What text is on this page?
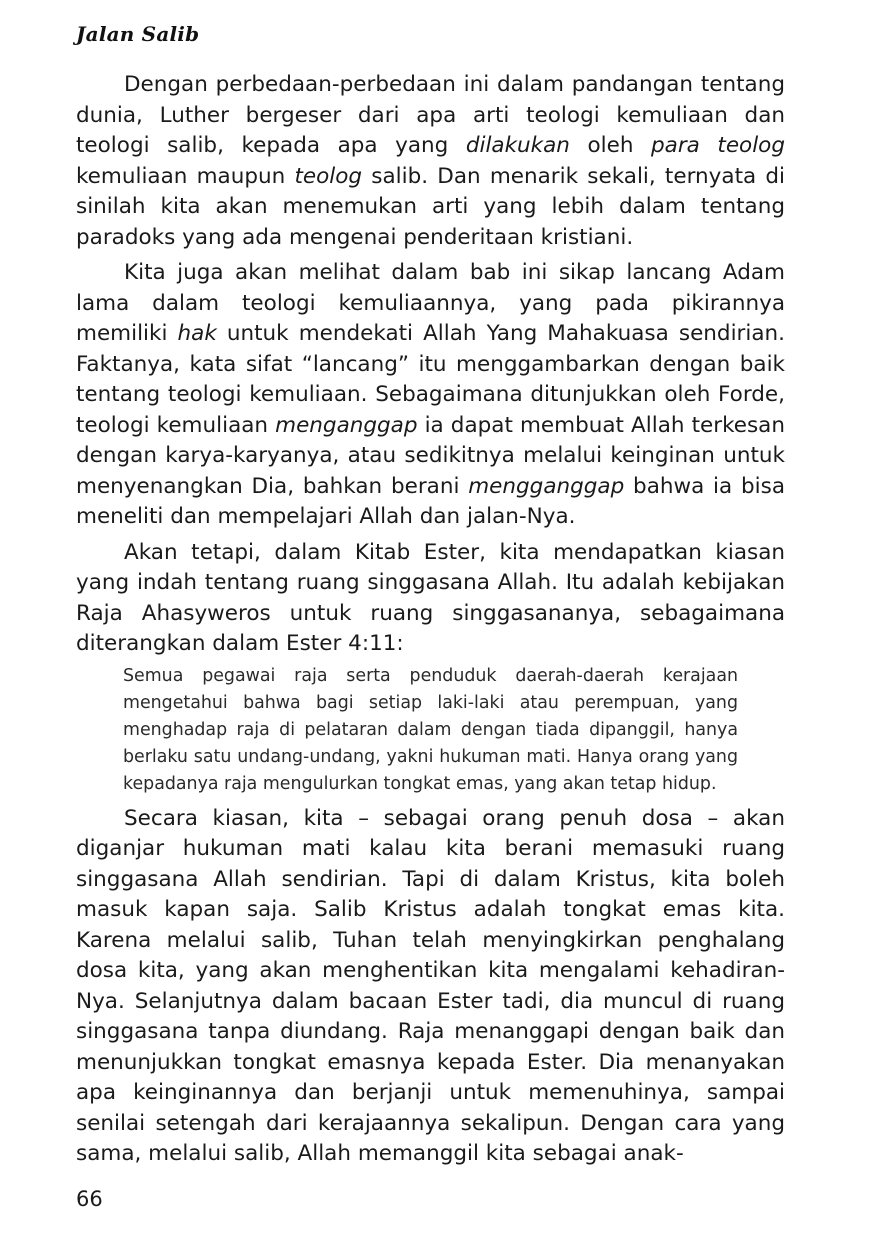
Jalan Salib

Dengan perbedaan-perbedaan ini dalam pandangan tentang dunia, Luther bergeser dari apa arti teologi kemuliaan dan teologi salib, kepada apa yang dilakukan oleh para teolog kemuliaan maupun teolog salib. Dan menarik sekali, ternyata di sinilah kita akan menemukan arti yang lebih dalam tentang paradoks yang ada mengenai penderitaan kristiani.

Kita juga akan melihat dalam bab ini sikap lancang Adam lama dalam teologi kemuliaannya, yang pada pikirannya memiliki hak untuk mendekati Allah Yang Mahakuasa sendirian. Faktanya, kata sifat “lancang” itu menggambarkan dengan baik tentang teologi kemuliaan. Sebagaimana ditunjukkan oleh Forde, teologi kemuliaan menganggap ia dapat membuat Allah terkesan dengan karya-karyanya, atau sedikitnya melalui keinginan untuk menyenangkan Dia, bahkan berani mengganggap bahwa ia bisa meneliti dan mempelajari Allah dan jalan-Nya.

Akan tetapi, dalam Kitab Ester, kita mendapatkan kiasan yang indah tentang ruang singgasana Allah. Itu adalah kebijakan Raja Ahasyweros untuk ruang singgasananya, sebagaimana diterangkan dalam Ester 4:11:

Semua pegawai raja serta penduduk daerah-daerah kerajaan mengetahui bahwa bagi setiap laki-laki atau perempuan, yang menghadap raja di pelataran dalam dengan tiada dipanggil, hanya berlaku satu undang-undang, yakni hukuman mati. Hanya orang yang kepadanya raja mengulurkan tongkat emas, yang akan tetap hidup.

Secara kiasan, kita – sebagai orang penuh dosa – akan diganjar hukuman mati kalau kita berani memasuki ruang singgasana Allah sendirian. Tapi di dalam Kristus, kita boleh masuk kapan saja. Salib Kristus adalah tongkat emas kita. Karena melalui salib, Tuhan telah menyingkirkan penghalang dosa kita, yang akan menghentikan kita mengalami kehadiran-Nya. Selanjutnya dalam bacaan Ester tadi, dia muncul di ruang singgasana tanpa diundang. Raja menanggapi dengan baik dan menunjukkan tongkat emasnya kepada Ester. Dia menanyakan apa keinginannya dan berjanji untuk memenuhinya, sampai senilai setengah dari kerajaannya sekalipun. Dengan cara yang sama, melalui salib, Allah memanggil kita sebagai anak-

66
